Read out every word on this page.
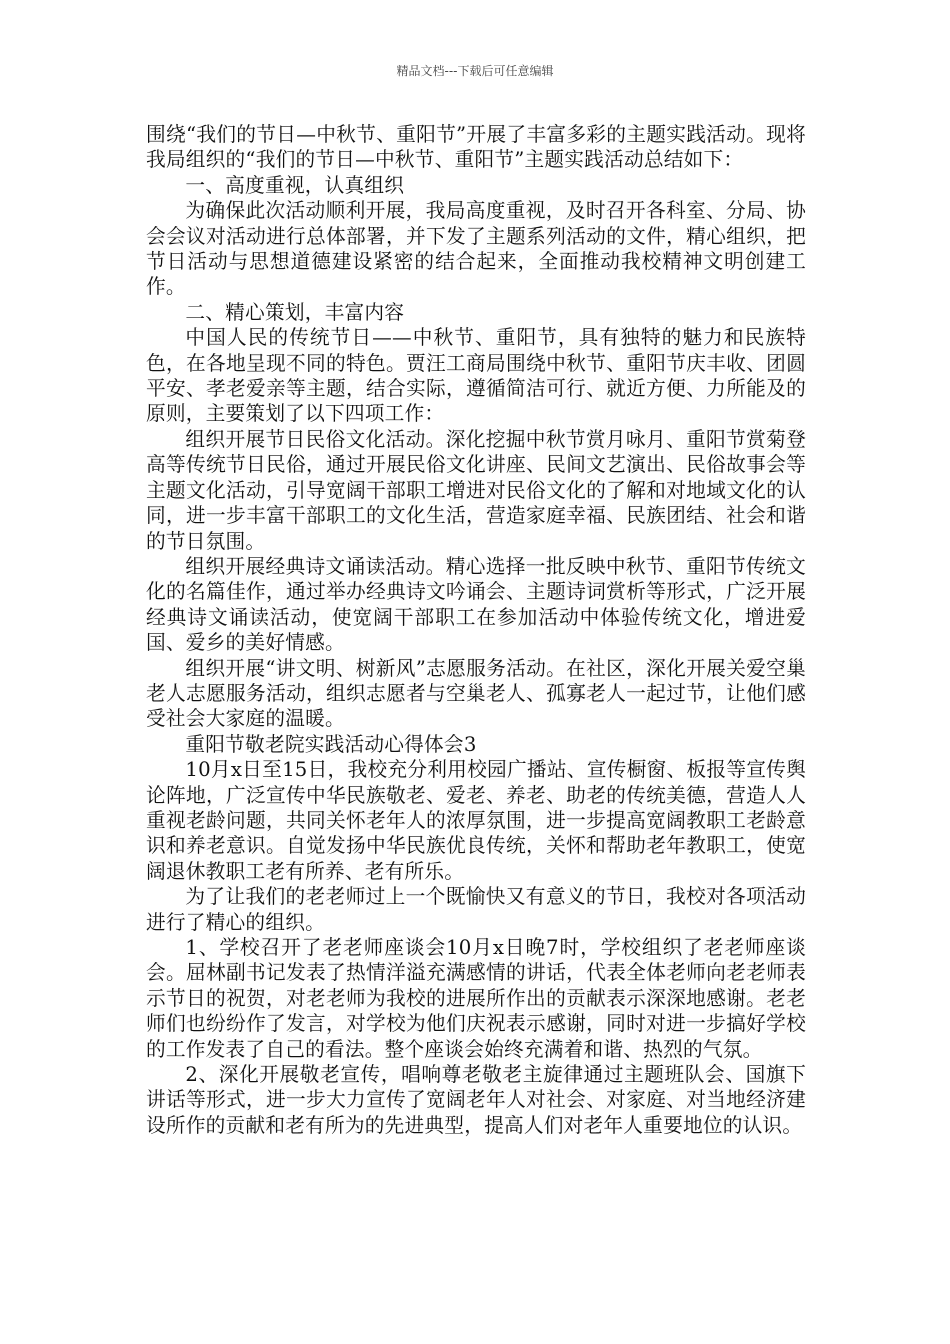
精品文档---下载后可任意编辑

围绕“我们的节日—中秋节、重阳节”开展了丰富多彩的主题实践活动。现将我局组织的“我们的节日—中秋节、重阳节”主题实践活动总结如下：

一、高度重视，认真组织

为确保此次活动顺利开展，我局高度重视，及时召开各科室、分局、协会会议对活动进行总体部署，并下发了主题系列活动的文件，精心组织，把节日活动与思想道德建设紧密的结合起来，全面推动我校精神文明创建工作。

二、精心策划，丰富内容

中国人民的传统节日——中秋节、重阳节，具有独特的魅力和民族特色，在各地呈现不同的特色。贾汪工商局围绕中秋节、重阳节庆丰收、团圆平安、孝老爱亲等主题，结合实际，遵循简洁可行、就近方便、力所能及的原则，主要策划了以下四项工作：

组织开展节日民俗文化活动。深化挖掘中秋节赏月咏月、重阳节赏菊登高等传统节日民俗，通过开展民俗文化讲座、民间文艺演出、民俗故事会等主题文化活动，引导宽阔干部职工增进对民俗文化的了解和对地域文化的认同，进一步丰富干部职工的文化生活，营造家庭幸福、民族团结、社会和谐的节日氛围。

组织开展经典诗文诵读活动。精心选择一批反映中秋节、重阳节传统文化的名篇佳作，通过举办经典诗文吟诵会、主题诗词赏析等形式，广泛开展经典诗文诵读活动，使宽阔干部职工在参加活动中体验传统文化，增进爱国、爱乡的美好情感。

组织开展“讲文明、树新风”志愿服务活动。在社区，深化开展关爱空巢老人志愿服务活动，组织志愿者与空巢老人、孤寡老人一起过节，让他们感受社会大家庭的温暖。

重阳节敬老院实践活动心得体会3

10月x日至15日，我校充分利用校园广播站、宣传橱窗、板报等宣传舆论阵地，广泛宣传中华民族敬老、爱老、养老、助老的传统美德，营造人人重视老龄问题，共同关怀老年人的浓厚氛围，进一步提高宽阔教职工老龄意识和养老意识。自觉发扬中华民族优良传统，关怀和帮助老年教职工，使宽阔退休教职工老有所养、老有所乐。

为了让我们的老老师过上一个既愉快又有意义的节日，我校对各项活动进行了精心的组织。

1、学校召开了老老师座谈会10月x日晚7时，学校组织了老老师座谈会。屈林副书记发表了热情洋溢充满感情的讲话，代表全体老师向老老师表示节日的祝贺，对老老师为我校的进展所作出的贡献表示深深地感谢。老老师们也纷纷作了发言，对学校为他们庆祝表示感谢，同时对进一步搞好学校的工作发表了自己的看法。整个座谈会始终充满着和谐、热烈的气氛。

2、深化开展敬老宣传，唱响尊老敬老主旋律通过主题班队会、国旗下讲话等形式，进一步大力宣传了宽阔老年人对社会、对家庭、对当地经济建设所作的贡献和老有所为的先进典型，提高人们对老年人重要地位的认识。
